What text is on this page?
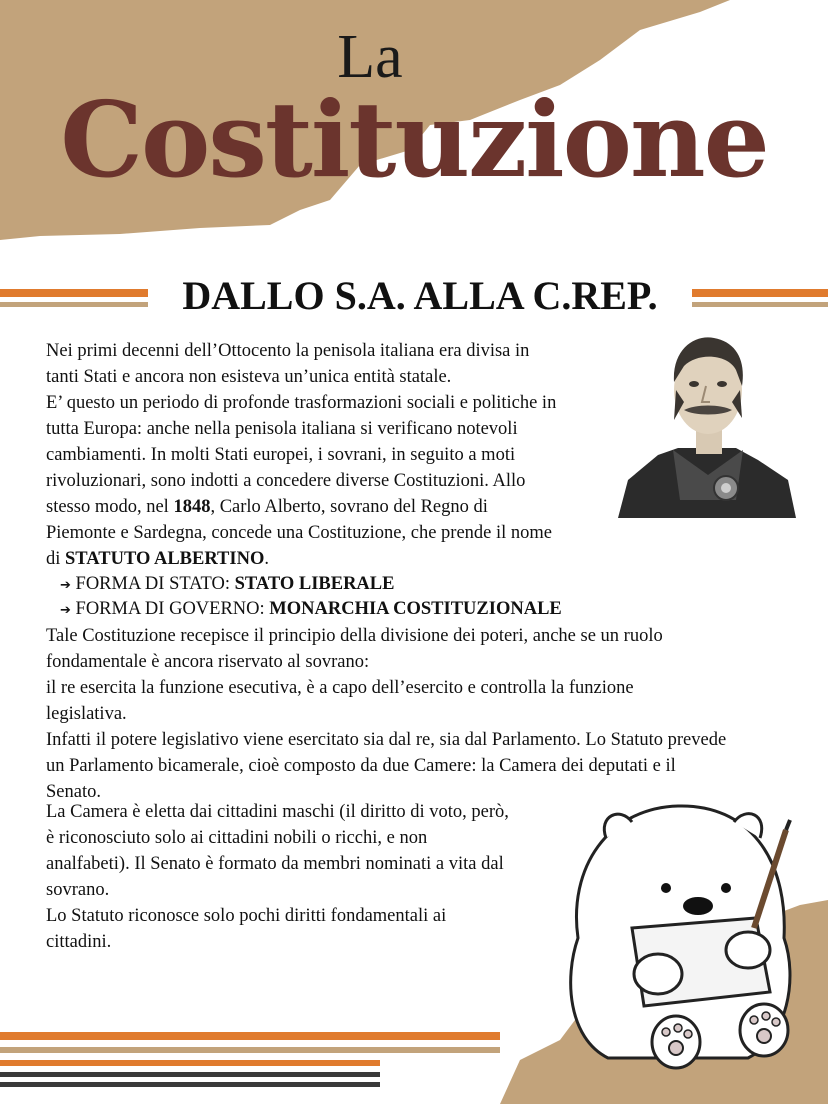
La
Costituzione
DALLO S.A. ALLA C.REP.
Nei primi decenni dell’Ottocento la penisola italiana era divisa in
tanti Stati e ancora non esisteva un’unica entità statale.
E’ questo un periodo di profonde trasformazioni sociali e politiche in
tutta Europa: anche nella penisola italiana si verificano notevoli
cambiamenti. In molti Stati europei, i sovrani, in seguito a moti
rivoluzionari, sono indotti a concedere diverse Costituzioni. Allo
stesso modo, nel 1848, Carlo Alberto, sovrano del Regno di
Piemonte e Sardegna, concede una Costituzione, che prende il nome
di STATUTO ALBERTINO.
➔ FORMA DI STATO: STATO LIBERALE
➔ FORMA DI GOVERNO: MONARCHIA COSTITUZIONALE
Tale Costituzione recepisce il principio della divisione dei poteri, anche se un ruolo
fondamentale è ancora riservato al sovrano:
il re esercita la funzione esecutiva, è a capo dell’esercito e controlla la funzione
legislativa.
Infatti il potere legislativo viene esercitato sia dal re, sia dal Parlamento. Lo Statuto prevede
un Parlamento bicamerale, cioè composto da due Camere: la Camera dei deputati e il
Senato.
La Camera è eletta dai cittadini maschi (il diritto di voto, però,
è riconosciuto solo ai cittadini nobili o ricchi, e non
analfabeti). Il Senato è formato da membri nominati a vita dal
sovrano.
Lo Statuto riconosce solo pochi diritti fondamentali ai
cittadini.
